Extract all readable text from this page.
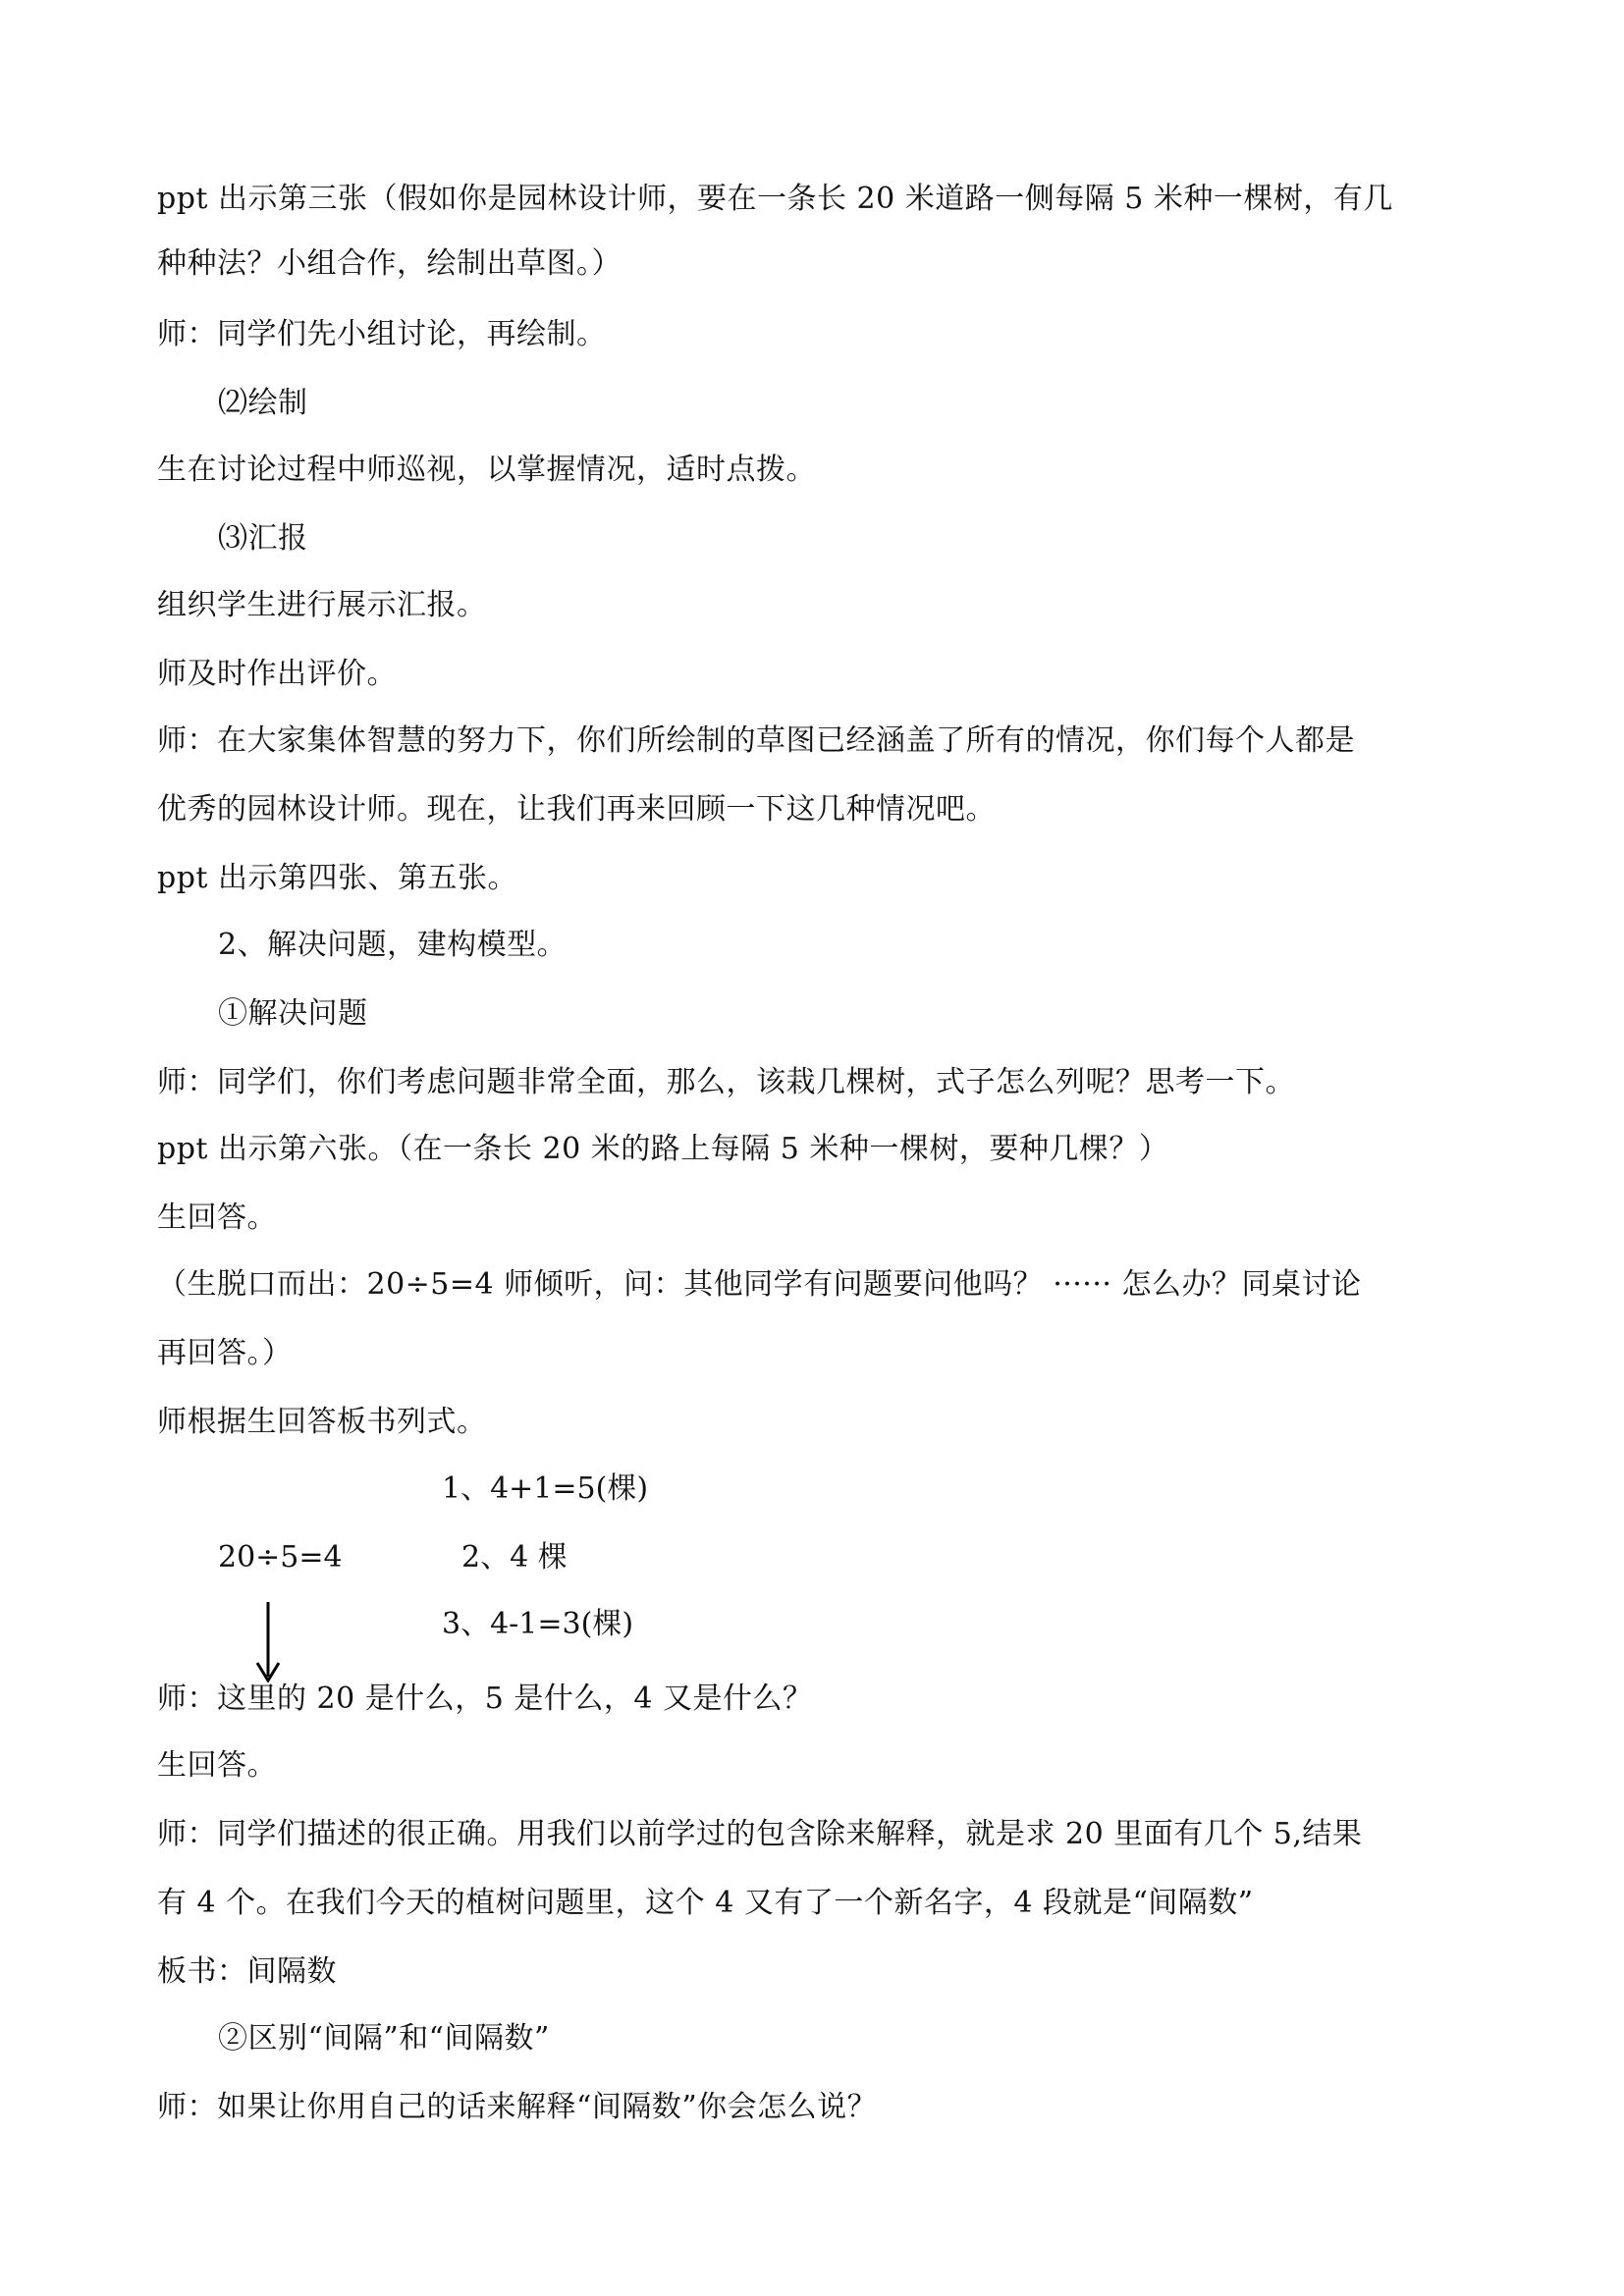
ppt 出示第三张（假如你是园林设计师，要在一条长 20 米道路一侧每隔 5 米种一棵树，有几
种种法？小组合作，绘制出草图。）
师：同学们先小组讨论，再绘制。
⑵绘制
生在讨论过程中师巡视，以掌握情况，适时点拨。
⑶汇报
组织学生进行展示汇报。
师及时作出评价。
师：在大家集体智慧的努力下，你们所绘制的草图已经涵盖了所有的情况，你们每个人都是
优秀的园林设计师。现在，让我们再来回顾一下这几种情况吧。
ppt 出示第四张、第五张。
2、解决问题，建构模型。
①解决问题
师：同学们，你们考虑问题非常全面，那么，该栽几棵树，式子怎么列呢？思考一下。
ppt 出示第六张。（在一条长 20 米的路上每隔 5 米种一棵树，要种几棵？）
生回答。
（生脱口而出：20÷5=4 师倾听，问：其他同学有问题要问他吗？ ······ 怎么办？同桌讨论
再回答。）
师根据生回答板书列式。
1、4+1=5(棵)
20÷5=4	2、4 棵
3、4-1=3(棵)
师：这里的 20 是什么，5 是什么，4 又是什么？
生回答。
师：同学们描述的很正确。用我们以前学过的包含除来解释，就是求 20 里面有几个 5,结果
有 4 个。在我们今天的植树问题里，这个 4 又有了一个新名字，4 段就是“间隔数”
板书：间隔数
②区别“间隔”和“间隔数”
师：如果让你用自己的话来解释“间隔数”你会怎么说？
